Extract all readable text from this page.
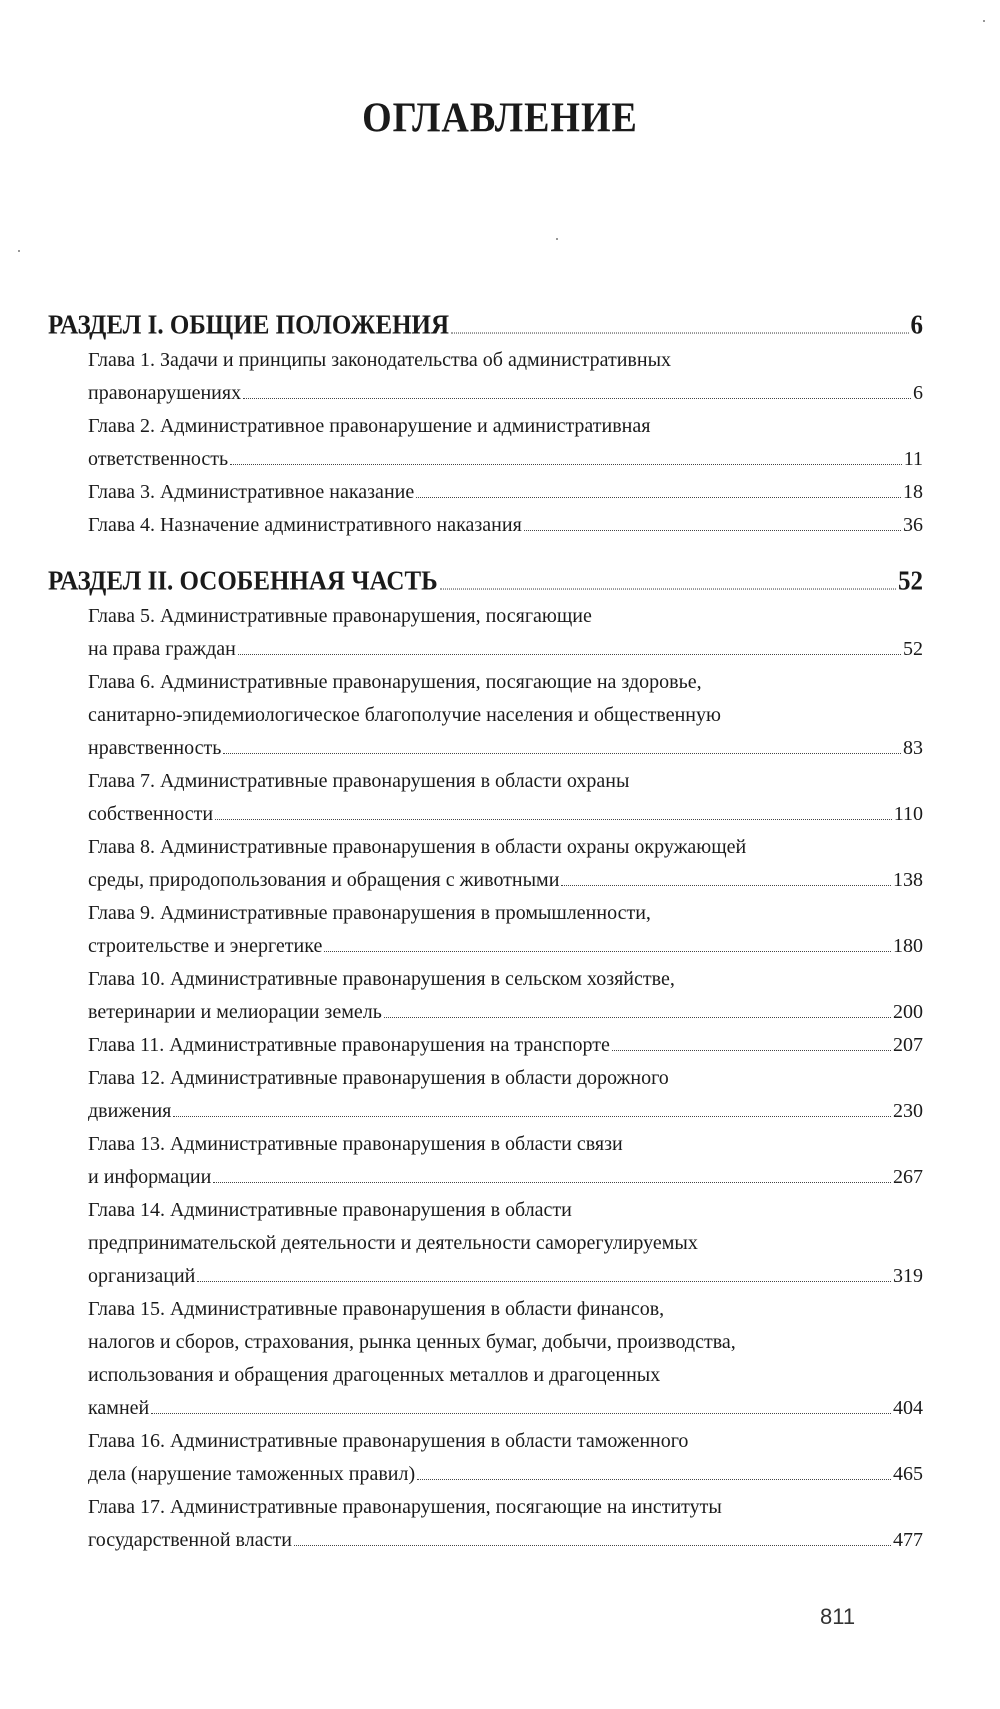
ОГЛАВЛЕНИЕ
РАЗДЕЛ I. ОБЩИЕ ПОЛОЖЕНИЯ	6
Глава 1. Задачи и принципы законодательства об административных
правонарушениях	6
Глава 2. Административное правонарушение и административная
ответственность	11
Глава 3. Административное наказание	18
Глава 4. Назначение административного наказания	36
РАЗДЕЛ II. ОСОБЕННАЯ ЧАСТЬ	52
Глава 5. Административные правонарушения, посягающие
на права граждан	52
Глава 6. Административные правонарушения, посягающие на здоровье,
санитарно-эпидемиологическое благополучие населения и общественную
нравственность	83
Глава 7. Административные правонарушения в области охраны
собственности	110
Глава 8. Административные правонарушения в области охраны окружающей
среды, природопользования и обращения с животными	138
Глава 9. Административные правонарушения в промышленности,
строительстве и энергетике	180
Глава 10. Административные правонарушения в сельском хозяйстве,
ветеринарии и мелиорации земель	200
Глава 11. Административные правонарушения на транспорте	207
Глава 12. Административные правонарушения в области дорожного
движения	230
Глава 13. Административные правонарушения в области связи
и информации	267
Глава 14. Административные правонарушения в области
предпринимательской деятельности и деятельности саморегулируемых
организаций	319
Глава 15. Административные правонарушения в области финансов,
налогов и сборов, страхования, рынка ценных бумаг, добычи, производства,
использования и обращения драгоценных металлов и драгоценных
камней	404
Глава 16. Административные правонарушения в области таможенного
дела (нарушение таможенных правил)	465
Глава 17. Административные правонарушения, посягающие на институты
государственной власти	477
811
